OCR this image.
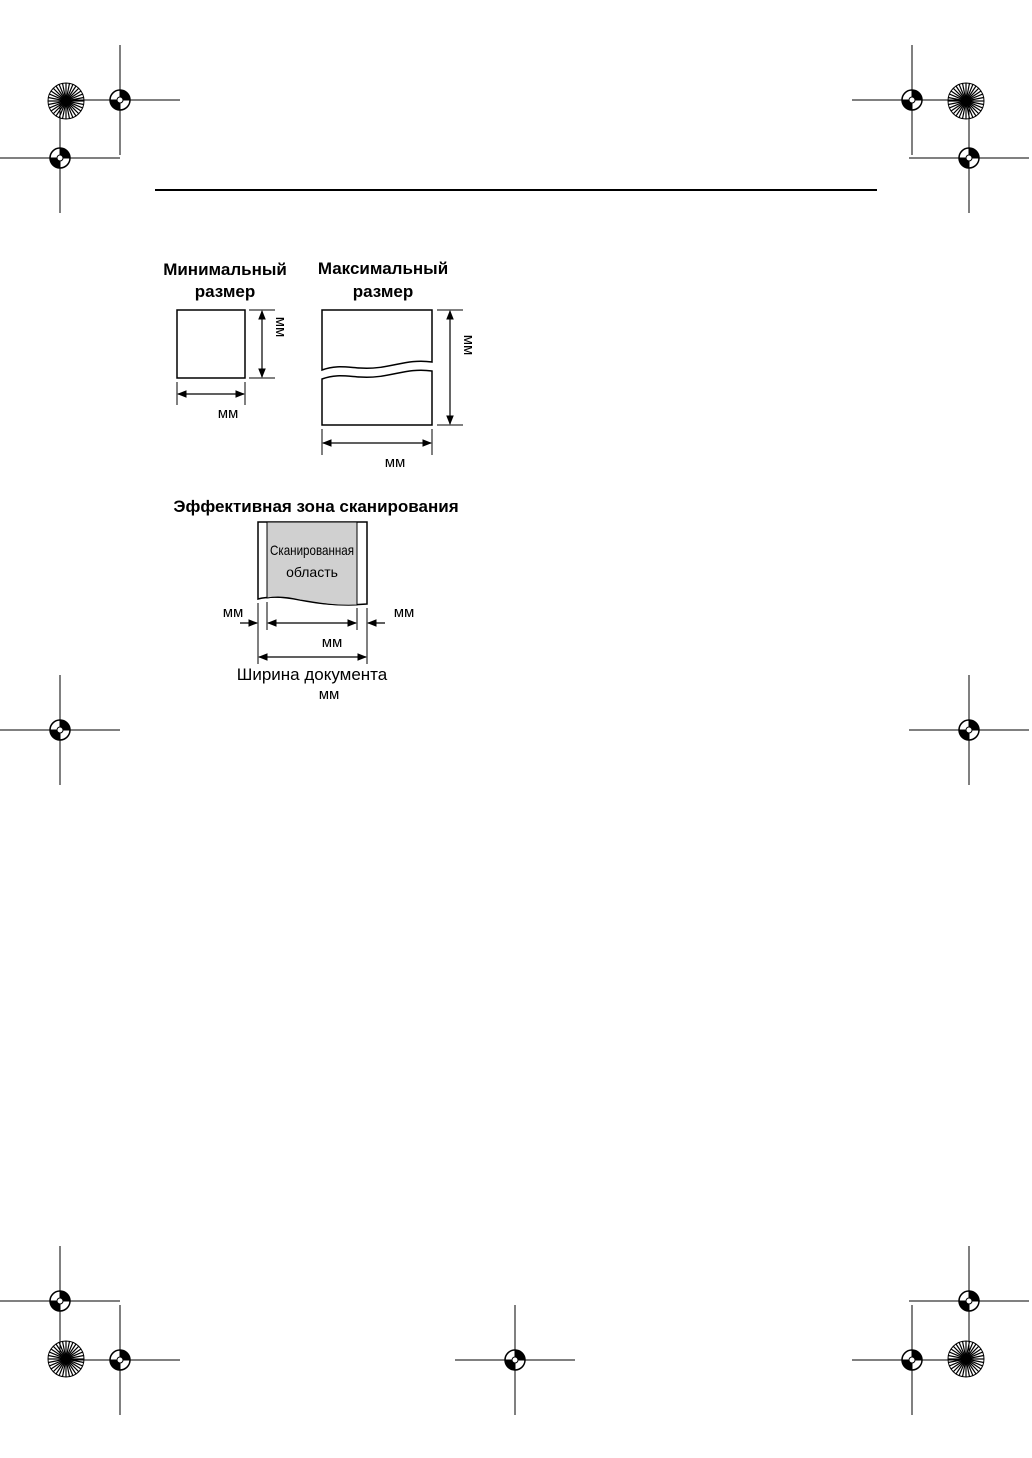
Минимальный
размер
мм
мм
Максимальный
размер
мм
мм
Эффективная зона сканирования
Сканированная
область
мм	мм
мм
Ширина документа
мм
